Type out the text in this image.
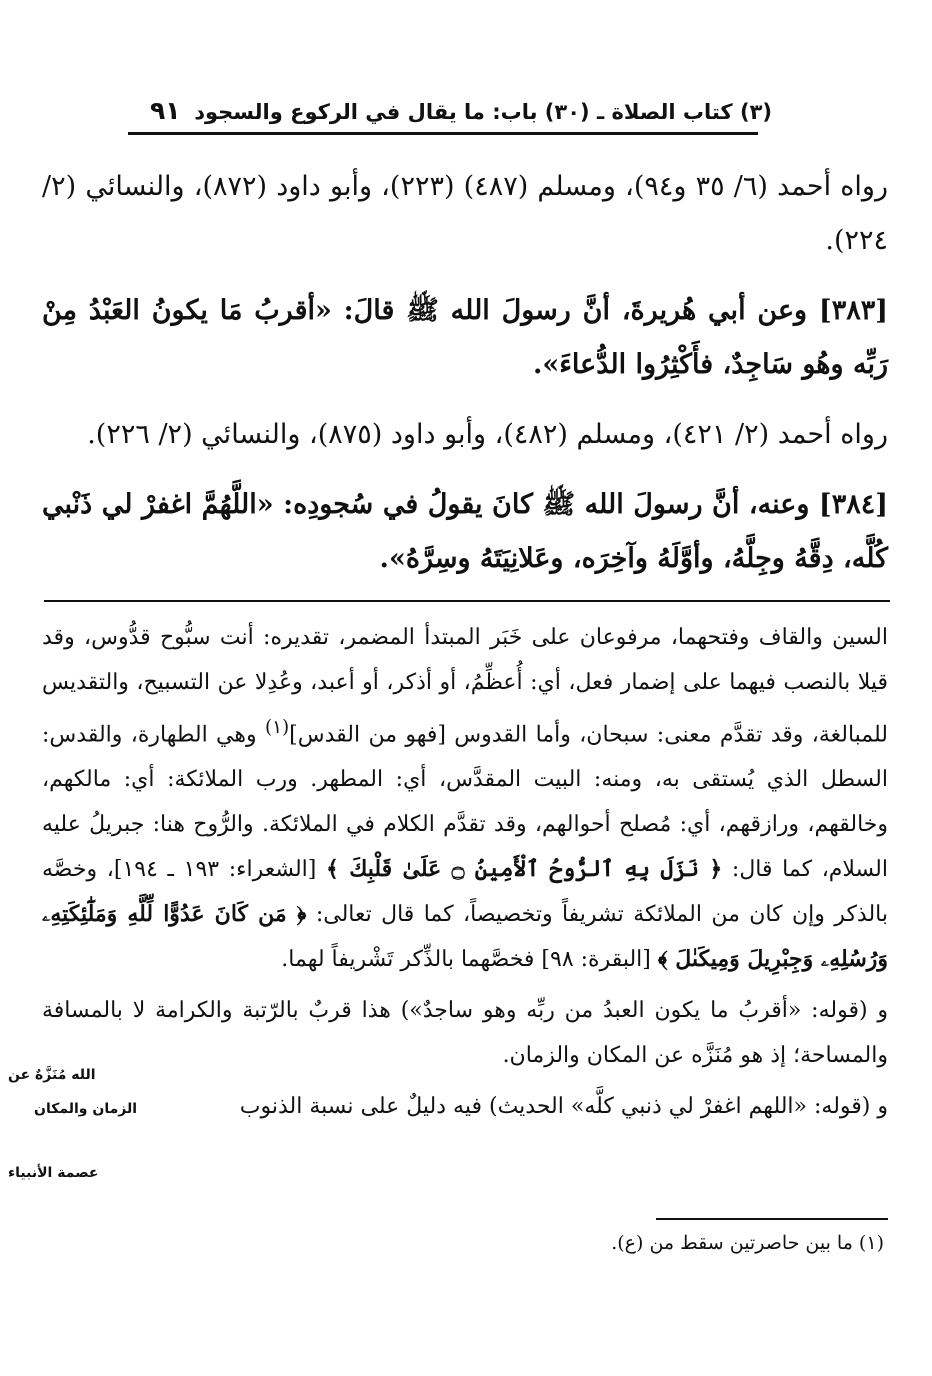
(٣) كتاب الصلاة ـ (٣٠) باب: ما يقال في الركوع والسجود
٩١

رواه أحمد (٦/ ٣٥ و٩٤)، ومسلم (٤٨٧) (٢٢٣)، وأبو داود (٨٧٢)، والنسائي (٢/ ٢٢٤).

[٣٨٣] وعن أبي هُريرةَ، أنَّ رسولَ الله ﷺ قالَ: «أقربُ مَا يكونُ العَبْدُ مِنْ رَبِّه وهُو سَاجِدٌ، فأَكْثِرُوا الدُّعاءَ».

رواه أحمد (٢/ ٤٢١)، ومسلم (٤٨٢)، وأبو داود (٨٧٥)، والنسائي (٢/ ٢٢٦).

[٣٨٤] وعنه، أنَّ رسولَ الله ﷺ كانَ يقولُ في سُجودِه: «اللَّهُمَّ اغفرْ لي ذَنْبي كُلَّه، دِقَّهُ وجِلَّهُ، وأوَّلَهُ وآخِرَه، وعَلانِيَتَهُ وسِرَّهُ».

السين والقاف وفتحهما، مرفوعان على خَبَر المبتدأ المضمر، تقديره: أنت سبُّوح قدُّوس، وقد قيلا بالنصب فيهما على إضمار فعل، أي: أُعظِّمُ، أو أذكر، أو أعبد، وعُدِلا عن التسبيح، والتقديس للمبالغة، وقد تقدَّم معنى: سبحان، وأما القدوس [فهو من القدس]$^{(١)}$ وهي الطهارة، والقدس: السطل الذي يُستقى به، ومنه: البيت المقدَّس، أي: المطهر. ورب الملائكة: أي: مالكهم، وخالقهم، ورازقهم، أي: مُصلح أحوالهم، وقد تقدَّم الكلام في الملائكة. والرُّوح هنا: جبريلُ عليه السلام، كما قال: ﴿ نَزَلَ بِهِ ٱلرُّوحُ ٱلْأَمِينُ ۝ عَلَىٰ قَلْبِكَ ﴾ [الشعراء: ١٩٣ ـ ١٩٤]، وخصَّه بالذكر وإن كان من الملائكة تشريفاً وتخصيصاً، كما قال تعالى: ﴿ مَن كَانَ عَدُوًّا لِّلَّهِ وَمَلَٰٓئِكَتِهِۦ وَرُسُلِهِۦ وَجِبْرِيلَ وَمِيكَىٰلَ ﴾ [البقرة: ٩٨] فخصَّهما بالذِّكر تَشْريفاً لهما.

و (قوله: «أقربُ ما يكون العبدُ من ربِّه وهو ساجدٌ») هذا قربٌ بالرّتبة والكرامة لا بالمسافة والمساحة؛ إذ هو مُنَزَّه عن المكان والزمان.

و (قوله: «اللهم اغفرْ لي ذنبي كلَّه» الحديث) فيه دليلٌ على نسبة الذنوب

الله مُنَزَّهٌ عن
الزمان والمكان
عصمة الأنبياء
(١) ما بين حاصرتين سقط من (ع).
